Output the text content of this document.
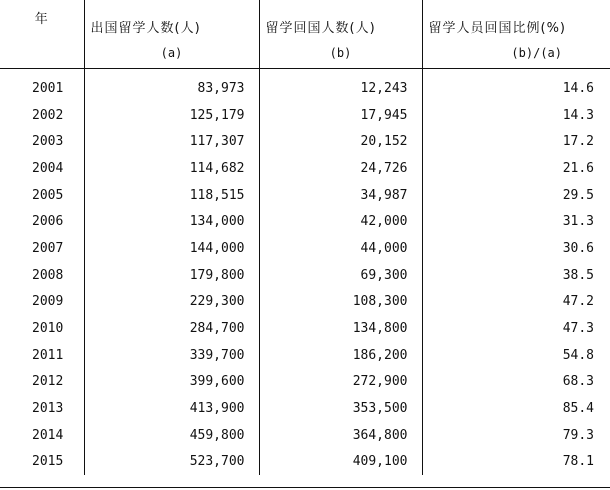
年	出国留学人数(人)	留学回国人数(人)	留学人员回国比例(%)
	(a)	(b)	(b)/(a)
2001	83,973	12,243	14.6
2002	125,179	17,945	14.3
2003	117,307	20,152	17.2
2004	114,682	24,726	21.6
2005	118,515	34,987	29.5
2006	134,000	42,000	31.3
2007	144,000	44,000	30.6
2008	179,800	69,300	38.5
2009	229,300	108,300	47.2
2010	284,700	134,800	47.3
2011	339,700	186,200	54.8
2012	399,600	272,900	68.3
2013	413,900	353,500	85.4
2014	459,800	364,800	79.3
2015	523,700	409,100	78.1
